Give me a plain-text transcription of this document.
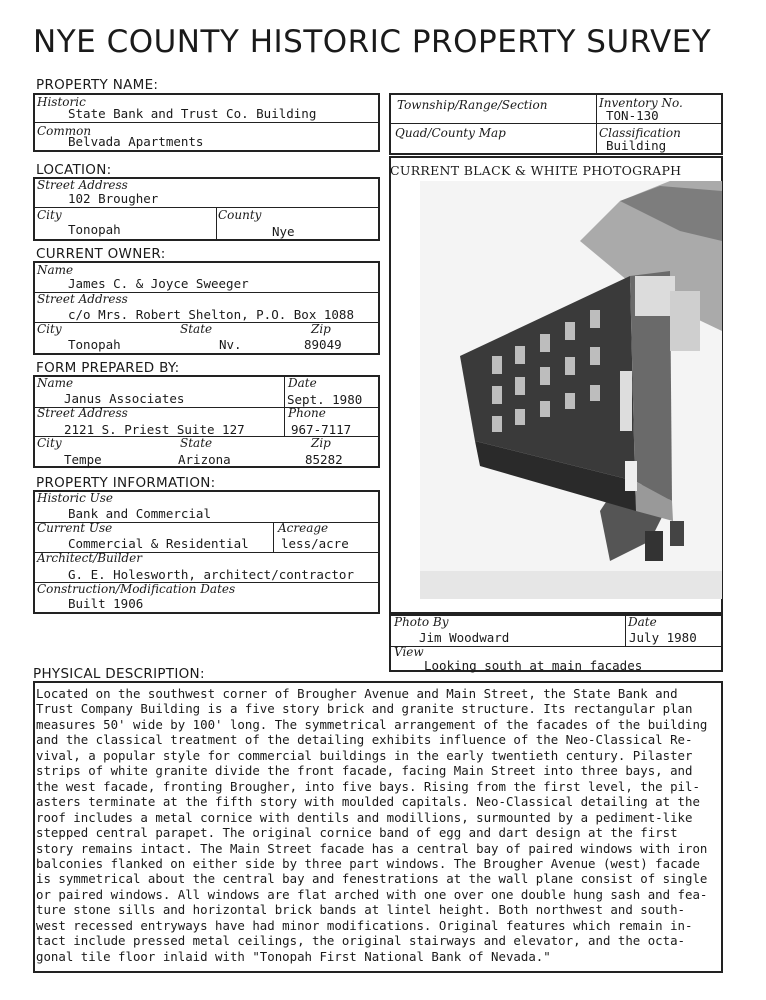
NYE COUNTY HISTORIC PROPERTY SURVEY
PROPERTY NAME:
Historic
State Bank and Trust Co. Building
Common
Belvada Apartments
LOCATION:
Street Address
102 Brougher
City
Tonopah
County
Nye
CURRENT OWNER:
Name
James C. & Joyce Sweeger
Street Address
c/o Mrs. Robert Shelton, P.O. Box 1088
City
Tonopah
State
Nv.
Zip
89049
FORM PREPARED BY:
Name
Janus Associates
Date
Sept. 1980
Street Address
2121 S. Priest Suite 127
Phone
967-7117
City
Tempe
State
Arizona
Zip
85282
PROPERTY INFORMATION:
Historic Use
Bank and Commercial
Current Use
Commercial & Residential
Acreage
less/acre
Architect/Builder
G. E. Holesworth, architect/contractor
Construction/Modification Dates
Built 1906
Township/Range/Section	Inventory No.
TON-130
Quad/County Map	Classification
Building
CURRENT BLACK & WHITE PHOTOGRAPH
Photo By
Jim Woodward
Date
July 1980
View
Looking south at main facades
PHYSICAL DESCRIPTION:
Located on the southwest corner of Brougher Avenue and Main Street, the State Bank and
Trust Company Building is a five story brick and granite structure. Its rectangular plan
measures 50' wide by 100' long. The symmetrical arrangement of the facades of the building
and the classical treatment of the detailing exhibits influence of the Neo-Classical Re-
vival, a popular style for commercial buildings in the early twentieth century. Pilaster
strips of white granite divide the front facade, facing Main Street into three bays, and
the west facade, fronting Brougher, into five bays. Rising from the first level, the pil-
asters terminate at the fifth story with moulded capitals. Neo-Classical detailing at the
roof includes a metal cornice with dentils and modillions, surmounted by a pediment-like
stepped central parapet. The original cornice band of egg and dart design at the first
story remains intact. The Main Street facade has a central bay of paired windows with iron
balconies flanked on either side by three part windows. The Brougher Avenue (west) facade
is symmetrical about the central bay and fenestrations at the wall plane consist of single
or paired windows. All windows are flat arched with one over one double hung sash and fea-
ture stone sills and horizontal brick bands at lintel height. Both northwest and south-
west recessed entryways have had minor modifications. Original features which remain in-
tact include pressed metal ceilings, the original stairways and elevator, and the octa-
gonal tile floor inlaid with "Tonopah First National Bank of Nevada."
